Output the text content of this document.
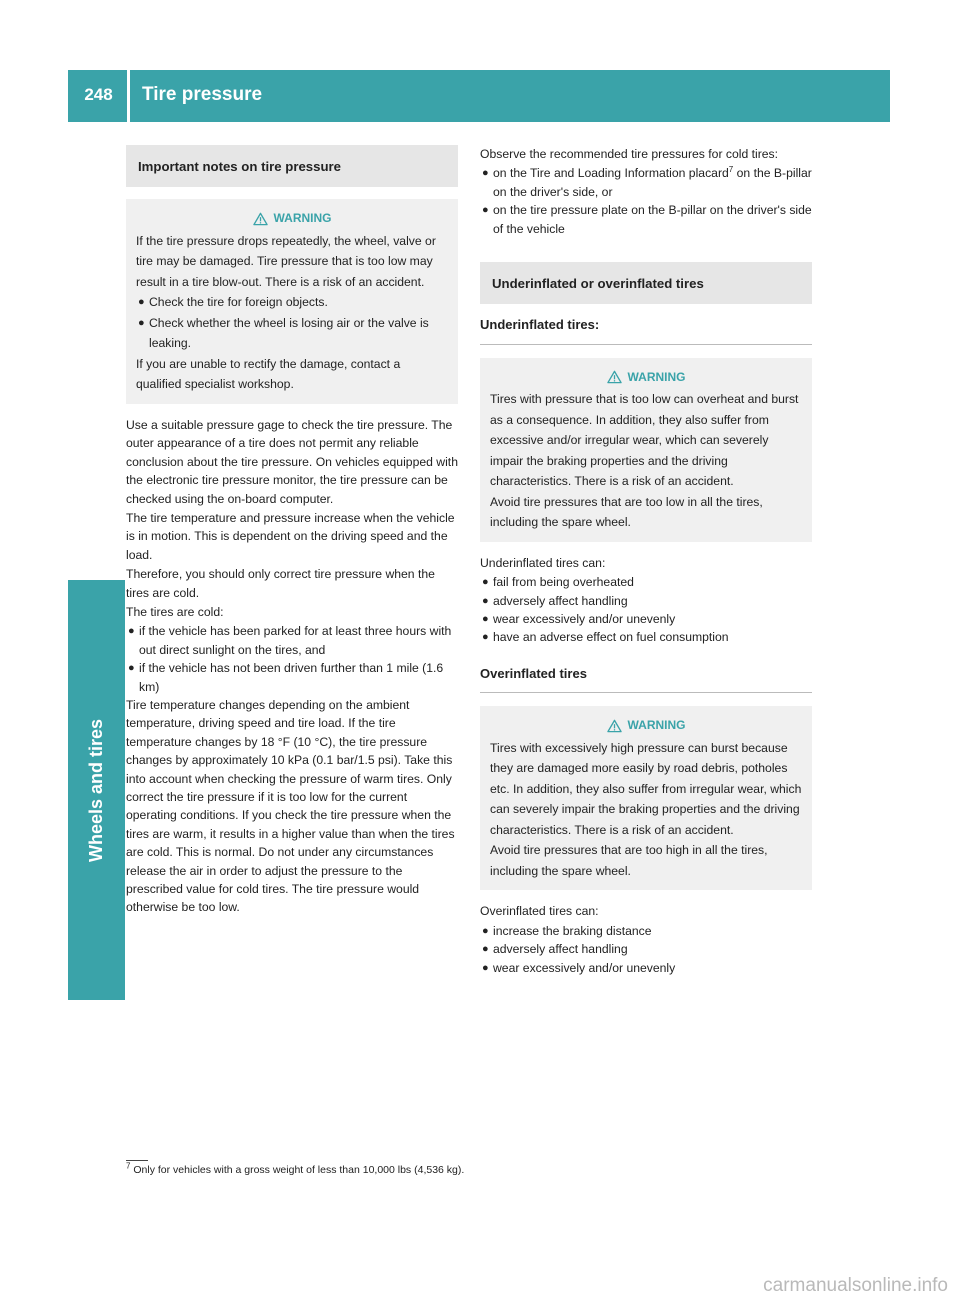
248	Tire pressure
Wheels and tires
Important notes on tire pressure
WARNING
If the tire pressure drops repeatedly, the wheel, valve or tire may be damaged. Tire pressure that is too low may result in a tire blow-out. There is a risk of an accident.
● Check the tire for foreign objects.
● Check whether the wheel is losing air or the valve is leaking.
If you are unable to rectify the damage, contact a qualified specialist workshop.
Use a suitable pressure gage to check the tire pressure. The outer appearance of a tire does not permit any reliable conclusion about the tire pressure. On vehicles equipped with the electronic tire pressure monitor, the tire pressure can be checked using the on-board computer.
The tire temperature and pressure increase when the vehicle is in motion. This is dependent on the driving speed and the load.
Therefore, you should only correct tire pressure when the tires are cold.
The tires are cold:
● if the vehicle has been parked for at least three hours with out direct sunlight on the tires, and
● if the vehicle has not been driven further than 1 mile (1.6 km)
Tire temperature changes depending on the ambient temperature, driving speed and tire load. If the tire temperature changes by 18 °F (10 °C), the tire pressure changes by approximately 10 kPa (0.1 bar/1.5 psi). Take this into account when checking the pressure of warm tires. Only correct the tire pressure if it is too low for the current operating conditions. If you check the tire pressure when the tires are warm, it results in a higher value than when the tires are cold. This is normal. Do not under any circumstances release the air in order to adjust the pressure to the prescribed value for cold tires. The tire pressure would otherwise be too low.
Observe the recommended tire pressures for cold tires:
● on the Tire and Loading Information placard$^7$ on the B-pillar on the driver's side, or
● on the tire pressure plate on the B-pillar on the driver's side of the vehicle
Underinflated or overinflated tires
Underinflated tires:
WARNING
Tires with pressure that is too low can overheat and burst as a consequence. In addition, they also suffer from excessive and/or irregular wear, which can severely impair the braking properties and the driving characteristics. There is a risk of an accident.
Avoid tire pressures that are too low in all the tires, including the spare wheel.
Underinflated tires can:
● fail from being overheated
● adversely affect handling
● wear excessively and/or unevenly
● have an adverse effect on fuel consumption
Overinflated tires
WARNING
Tires with excessively high pressure can burst because they are damaged more easily by road debris, potholes etc. In addition, they also suffer from irregular wear, which can severely impair the braking properties and the driving characteristics. There is a risk of an accident.
Avoid tire pressures that are too high in all the tires, including the spare wheel.
Overinflated tires can:
● increase the braking distance
● adversely affect handling
● wear excessively and/or unevenly
$^7$ Only for vehicles with a gross weight of less than 10,000 lbs (4,536 kg).
carmanualsonline.info
